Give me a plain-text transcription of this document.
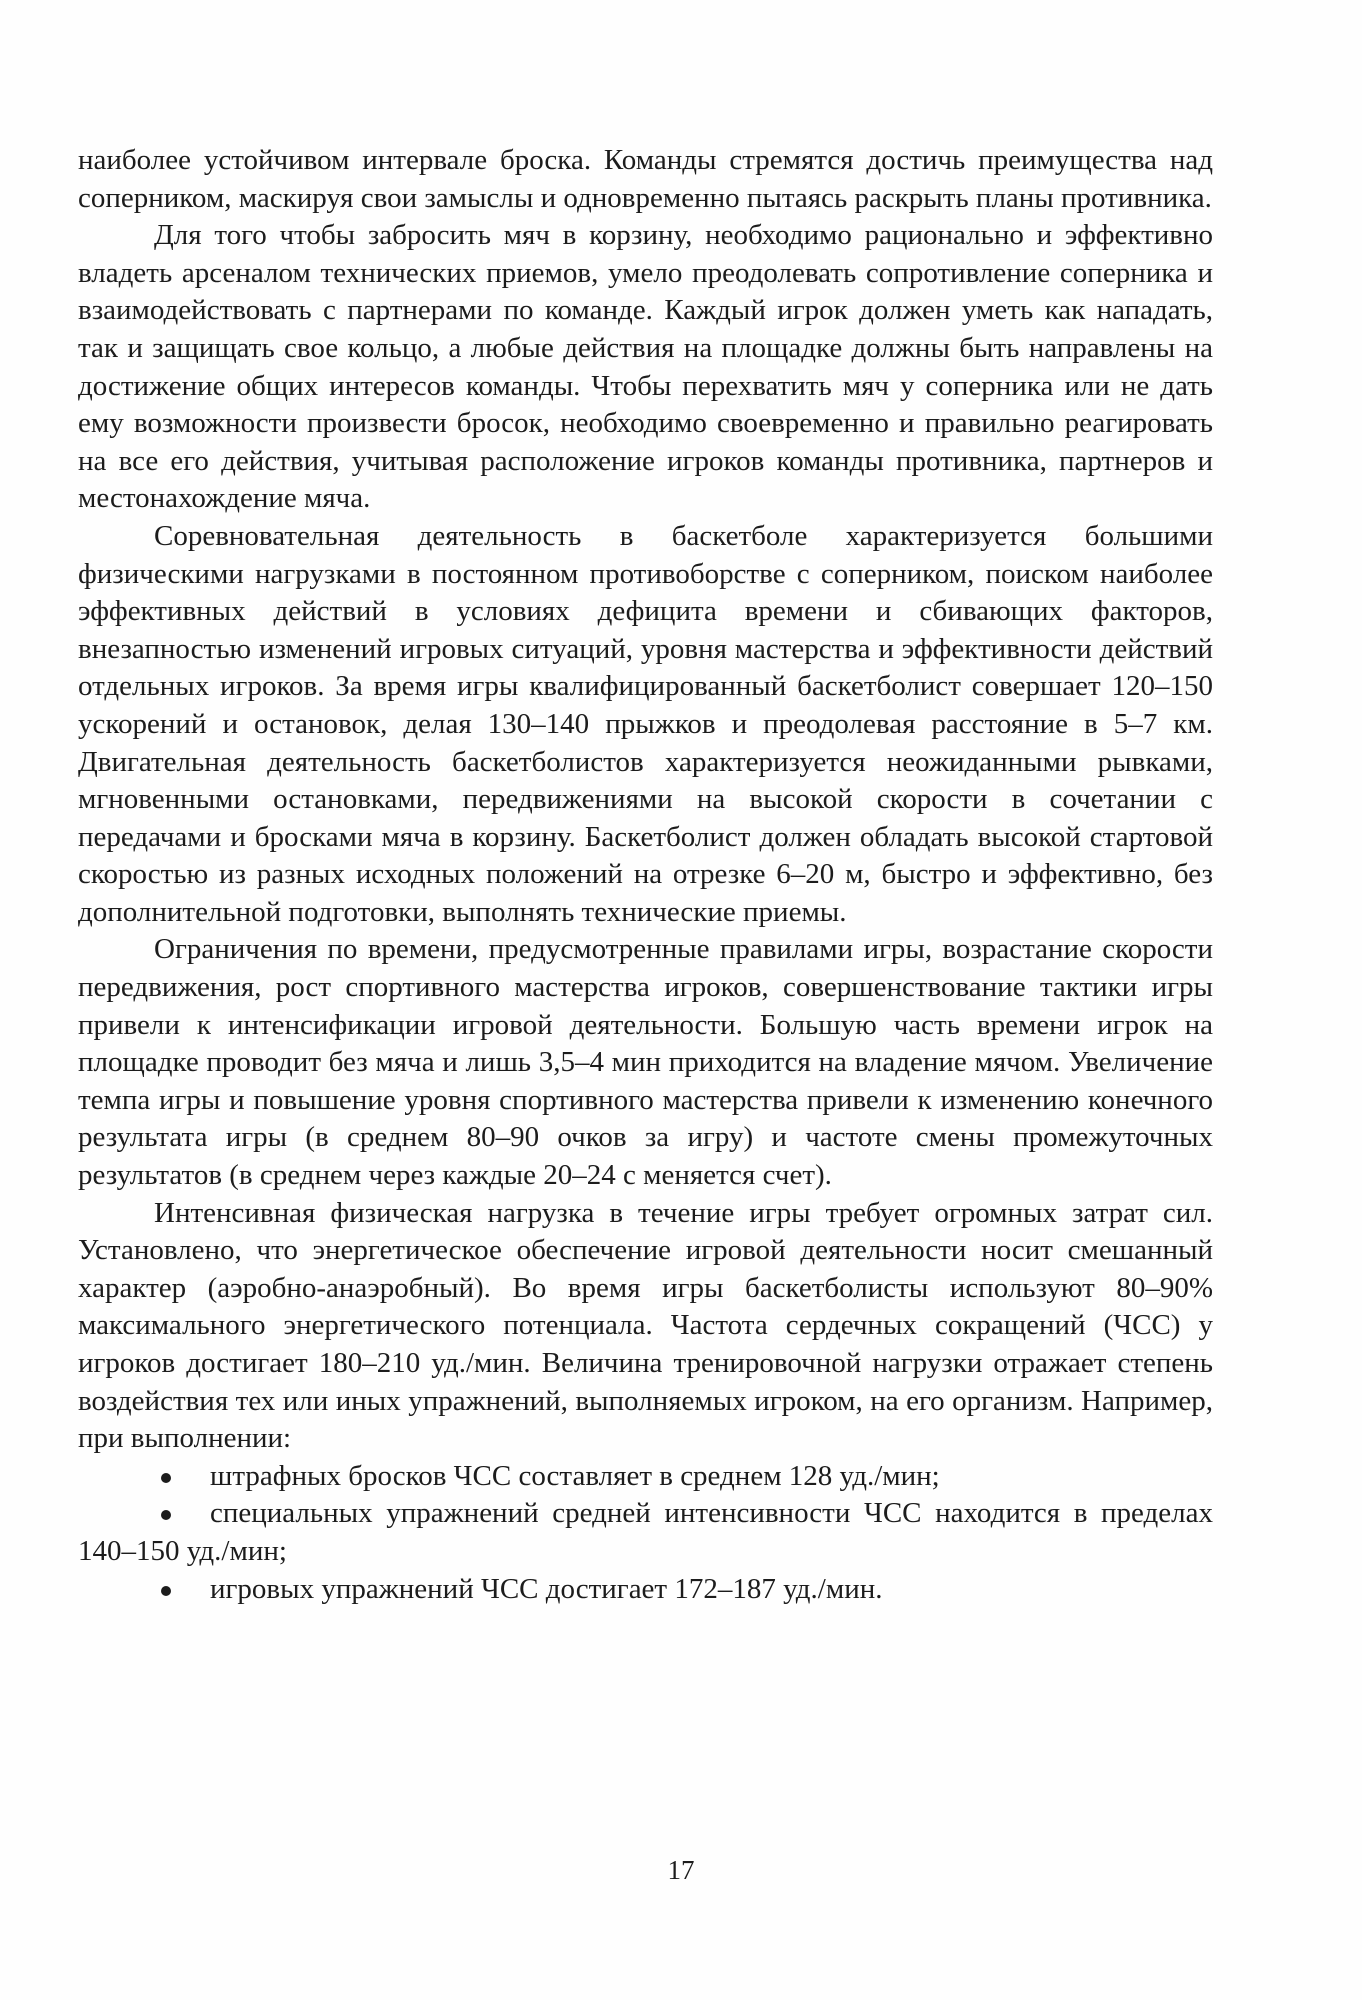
наиболее устойчивом интервале броска. Команды стремятся достичь преимущества над соперником, маскируя свои замыслы и одновременно пытаясь раскрыть планы противника.

Для того чтобы забросить мяч в корзину, необходимо рационально и эффективно владеть арсеналом технических приемов, умело преодолевать сопротивление соперника и взаимодействовать с партнерами по команде. Каждый игрок должен уметь как нападать, так и защищать свое кольцо, а любые действия на площадке должны быть направлены на достижение общих интересов команды. Чтобы перехватить мяч у соперника или не дать ему возможности произвести бросок, необходимо своевременно и правильно реагировать на все его действия, учитывая расположение игроков команды противника, партнеров и местонахождение мяча.

Соревновательная деятельность в баскетболе характеризуется большими физическими нагрузками в постоянном противоборстве с соперником, поиском наиболее эффективных действий в условиях дефицита времени и сбивающих факторов, внезапностью изменений игровых ситуаций, уровня мастерства и эффективности действий отдельных игроков. За время игры квалифицированный баскетболист совершает 120–150 ускорений и остановок, делая 130–140 прыжков и преодолевая расстояние в 5–7 км. Двигательная деятельность баскетболистов характеризуется неожиданными рывками, мгновенными остановками, передвижениями на высокой скорости в сочетании с передачами и бросками мяча в корзину. Баскетболист должен обладать высокой стартовой скоростью из разных исходных положений на отрезке 6–20 м, быстро и эффективно, без дополнительной подготовки, выполнять технические приемы.

Ограничения по времени, предусмотренные правилами игры, возрастание скорости передвижения, рост спортивного мастерства игроков, совершенствование тактики игры привели к интенсификации игровой деятельности. Большую часть времени игрок на площадке проводит без мяча и лишь 3,5–4 мин приходится на владение мячом. Увеличение темпа игры и повышение уровня спортивного мастерства привели к изменению конечного результата игры (в среднем 80–90 очков за игру) и частоте смены промежуточных результатов (в среднем через каждые 20–24 с меняется счет).

Интенсивная физическая нагрузка в течение игры требует огромных затрат сил. Установлено, что энергетическое обеспечение игровой деятельности носит смешанный характер (аэробно-анаэробный). Во время игры баскетболисты используют 80–90% максимального энергетического потенциала. Частота сердечных сокращений (ЧСС) у игроков достигает 180–210 уд./мин. Величина тренировочной нагрузки отражает степень воздействия тех или иных упражнений, выполняемых игроком, на его организм. Например, при выполнении:

штрафных бросков ЧСС составляет в среднем 128 уд./мин;
специальных упражнений средней интенсивности ЧСС находится в пределах 140–150 уд./мин;
игровых упражнений ЧСС достигает 172–187 уд./мин.
17
